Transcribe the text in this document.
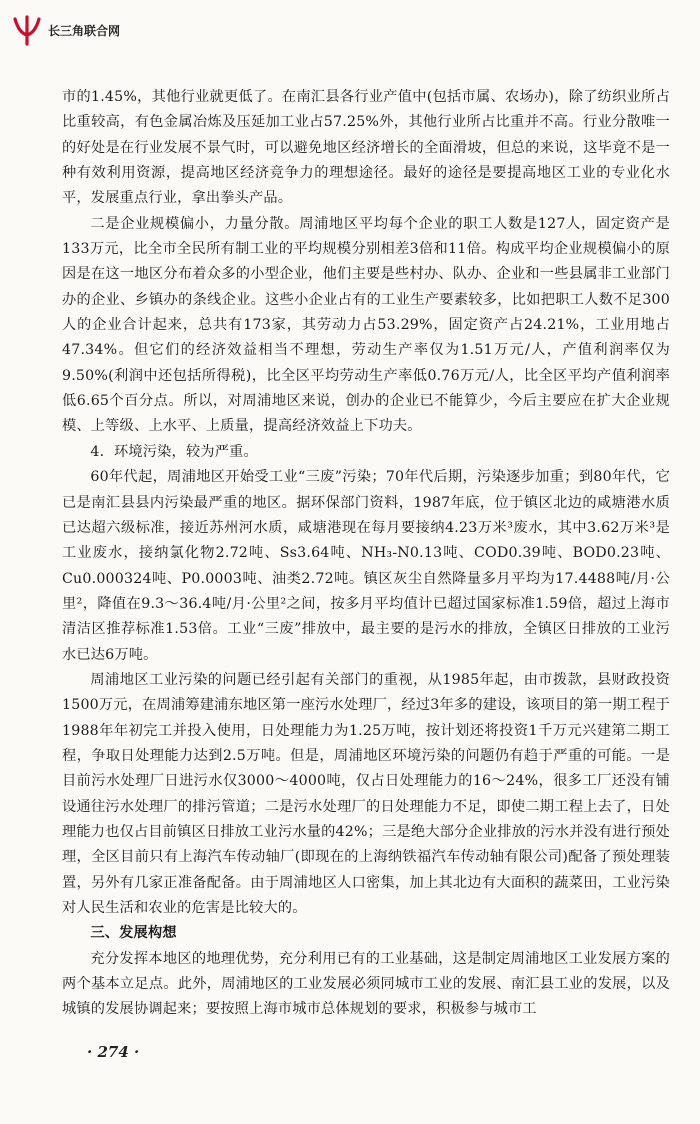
长三角联合网

市的1.45%，其他行业就更低了。在南汇县各行业产值中(包括市属、农场办)，除了纺织业所占比重较高，有色金属冶炼及压延加工业占57.25%外，其他行业所占比重并不高。行业分散唯一的好处是在行业发展不景气时，可以避免地区经济增长的全面滑坡，但总的来说，这毕竟不是一种有效利用资源，提高地区经济竞争力的理想途径。最好的途径是要提高地区工业的专业化水平，发展重点行业，拿出拳头产品。

二是企业规模偏小，力量分散。周浦地区平均每个企业的职工人数是127人，固定资产是133万元，比全市全民所有制工业的平均规模分别相差3倍和11倍。构成平均企业规模偏小的原因是在这一地区分布着众多的小型企业，他们主要是些村办、队办、企业和一些县属非工业部门办的企业、乡镇办的条线企业。这些小企业占有的工业生产要素较多，比如把职工人数不足300人的企业合计起来，总共有173家，其劳动力占53.29%，固定资产占24.21%，工业用地占47.34%。但它们的经济效益相当不理想，劳动生产率仅为1.51万元/人，产值利润率仅为9.50%(利润中还包括所得税)，比全区平均劳动生产率低0.76万元/人，比全区平均产值利润率低6.65个百分点。所以，对周浦地区来说，创办的企业已不能算少，今后主要应在扩大企业规模、上等级、上水平、上质量，提高经济效益上下功夫。

4．环境污染，较为严重。

60年代起，周浦地区开始受工业“三废”污染；70年代后期，污染逐步加重；到80年代，它已是南汇县县内污染最严重的地区。据环保部门资料，1987年底，位于镇区北边的咸塘港水质已达超六级标准，接近苏州河水质，咸塘港现在每月要接纳4.23万米³废水，其中3.62万米³是工业废水，接纳氯化物2.72吨、Ss3.64吨、NH₃-N0.13吨、COD0.39吨、BOD0.23吨、Cu0.000324吨、P0.0003吨、油类2.72吨。镇区灰尘自然降量多月平均为17.4488吨/月·公里²，降值在9.3～36.4吨/月·公里²之间，按多月平均值计已超过国家标准1.59倍，超过上海市清洁区推荐标准1.53倍。工业“三废”排放中，最主要的是污水的排放，全镇区日排放的工业污水已达6万吨。

周浦地区工业污染的问题已经引起有关部门的重视，从1985年起，由市拨款，县财政投资1500万元，在周浦筹建浦东地区第一座污水处理厂，经过3年多的建设，该项目的第一期工程于1988年年初完工并投入使用，日处理能力为1.25万吨，按计划还将投资1千万元兴建第二期工程，争取日处理能力达到2.5万吨。但是，周浦地区环境污染的问题仍有趋于严重的可能。一是目前污水处理厂日进污水仅3000～4000吨，仅占日处理能力的16～24%，很多工厂还没有铺设通往污水处理厂的排污管道；二是污水处理厂的日处理能力不足，即使二期工程上去了，日处理能力也仅占目前镇区日排放工业污水量的42%；三是绝大部分企业排放的污水并没有进行预处理，全区目前只有上海汽车传动轴厂(即现在的上海纳铁福汽车传动轴有限公司)配备了预处理装置，另外有几家正准备配备。由于周浦地区人口密集，加上其北边有大面积的蔬菜田，工业污染对人民生活和农业的危害是比较大的。

三、发展构想

充分发挥本地区的地理优势，充分利用已有的工业基础，这是制定周浦地区工业发展方案的两个基本立足点。此外，周浦地区的工业发展必须同城市工业的发展、南汇县工业的发展，以及城镇的发展协调起来；要按照上海市城市总体规划的要求，积极参与城市工

· 274 ·
